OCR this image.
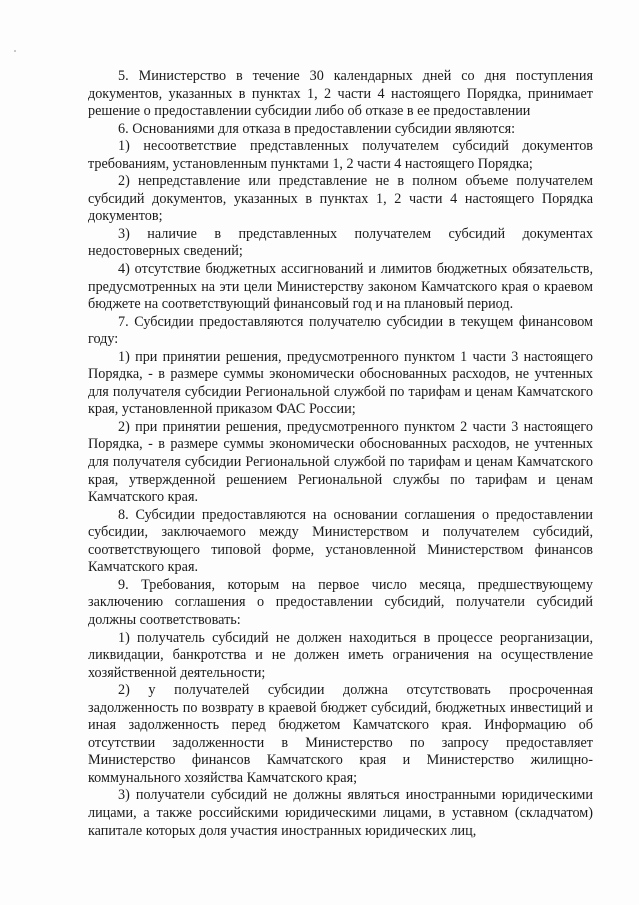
5. Министерство в течение 30 календарных дней со дня поступления документов, указанных в пунктах 1, 2 части 4 настоящего Порядка, принимает решение о предоставлении субсидии либо об отказе в ее предоставлении

6. Основаниями для отказа в предоставлении субсидии являются:

1) несоответствие представленных получателем субсидий документов требованиям, установленным пунктами 1, 2 части 4 настоящего Порядка;

2) непредставление или представление не в полном объеме получателем субсидий документов, указанных в пунктах 1, 2 части 4 настоящего Порядка документов;

3) наличие в представленных получателем субсидий документах недостоверных сведений;

4) отсутствие бюджетных ассигнований и лимитов бюджетных обязательств, предусмотренных на эти цели Министерству законом Камчатского края о краевом бюджете на соответствующий финансовый год и на плановый период.

7. Субсидии предоставляются получателю субсидии в текущем финансовом году:

1) при принятии решения, предусмотренного пунктом 1 части 3 настоящего Порядка, - в размере суммы экономически обоснованных расходов, не учтенных для получателя субсидии Региональной службой по тарифам и ценам Камчатского края, установленной приказом ФАС России;

2) при принятии решения, предусмотренного пунктом 2 части 3 настоящего Порядка, - в размере суммы экономически обоснованных расходов, не учтенных для получателя субсидии Региональной службой по тарифам и ценам Камчатского края, утвержденной решением Региональной службы по тарифам и ценам Камчатского края.

8. Субсидии предоставляются на основании соглашения о предоставлении субсидии, заключаемого между Министерством и получателем субсидий, соответствующего типовой форме, установленной Министерством финансов Камчатского края.

9. Требования, которым на первое число месяца, предшествующему заключению соглашения о предоставлении субсидий, получатели субсидий должны соответствовать:

1) получатель субсидий не должен находиться в процессе реорганизации, ликвидации, банкротства и не должен иметь ограничения на осуществление хозяйственной деятельности;

2) у получателей субсидии должна отсутствовать просроченная задолженность по возврату в краевой бюджет субсидий, бюджетных инвестиций и иная задолженность перед бюджетом Камчатского края. Информацию об отсутствии задолженности в Министерство по запросу предоставляет Министерство финансов Камчатского края и Министерство жилищно-коммунального хозяйства Камчатского края;

3) получатели субсидий не должны являться иностранными юридическими лицами, а также российскими юридическими лицами, в уставном (складчатом) капитале которых доля участия иностранных юридических лиц,
